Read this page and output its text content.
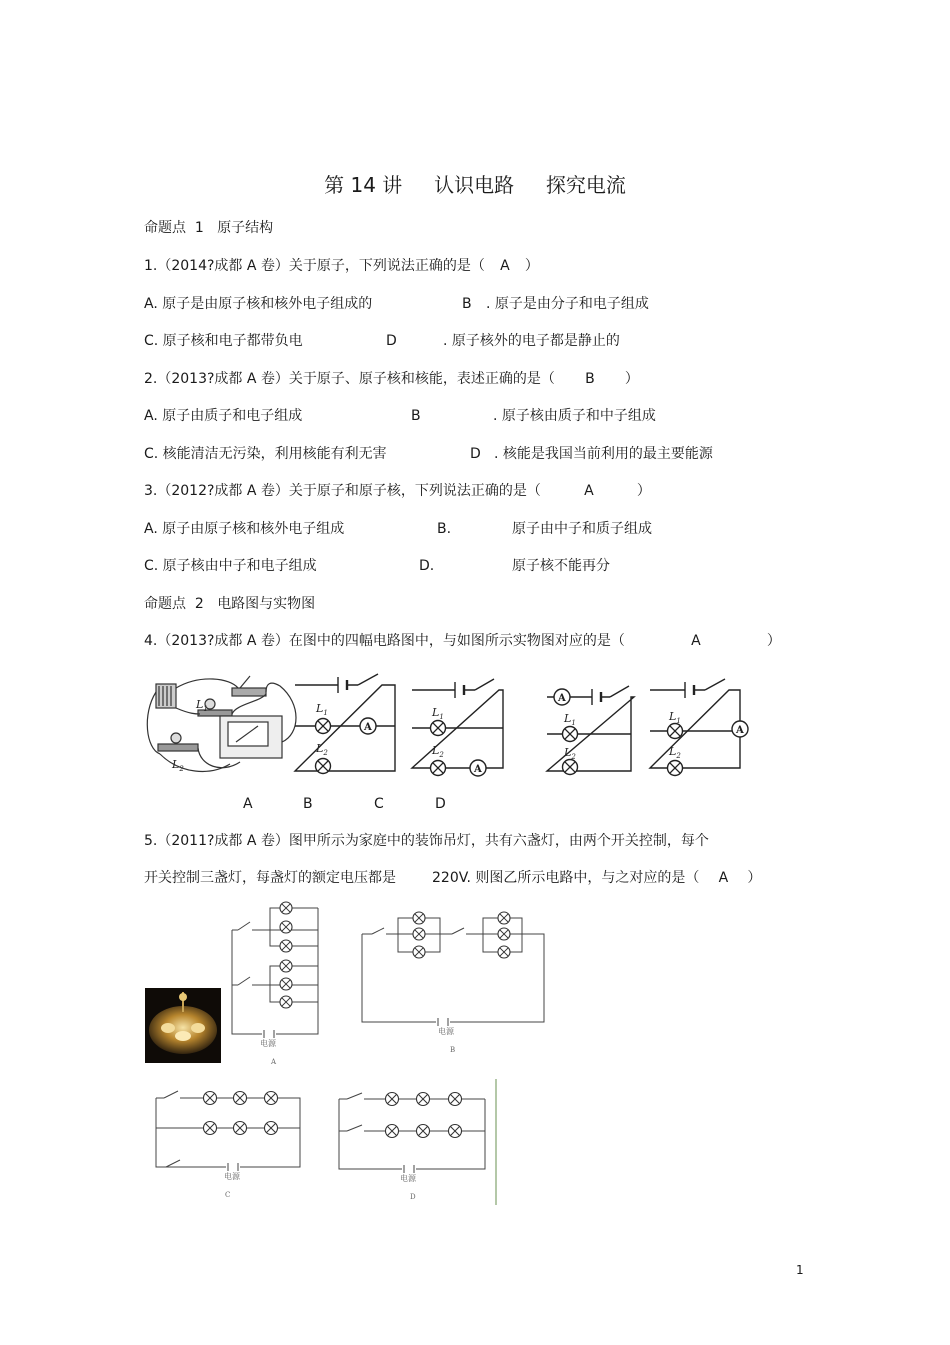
第 14 讲 认识电路 探究电流
命题点 1 原子结构
1.（2014?成都 A 卷）关于原子，下列说法正确的是（ A ）
A. 原子是由原子核和核外电子组成的	B . 原子是由分子和电子组成
C. 原子核和电子都带负电	D	. 原子核外的电子都是静止的
2.（2013?成都 A 卷）关于原子、原子核和核能，表述正确的是（ B ）
A. 原子由质子和电子组成	B	. 原子核由质子和中子组成
C. 核能清洁无污染，利用核能有利无害	D . 核能是我国当前利用的最主要能源
3.（2012?成都 A 卷）关于原子和原子核，下列说法正确的是（	A	）
A. 原子由原子核和核外电子组成	B.	原子由中子和质子组成
C. 原子核由中子和电子组成	D.	原子核不能再分
命题点 2 电路图与实物图
4.（2013?成都 A 卷）在图中的四幅电路图中，与如图所示实物图对应的是（	A	）
$L_1$
$L_2$
A
$L_1$
$L_2$
A
$L_1$
$L_2$
A
$L_1$
$L_2$
A
$L_1$
$L_2$
A	B	C	D
5.（2011?成都 A 卷）图甲所示为家庭中的装饰吊灯，共有六盏灯，由两个开关控制，每个
开关控制三盏灯，每盏灯的额定电压都是	220V. 则图乙所示电路中，与之对应的是（ A ）
电源
A
电源
B
电源
C
电源
D
1
